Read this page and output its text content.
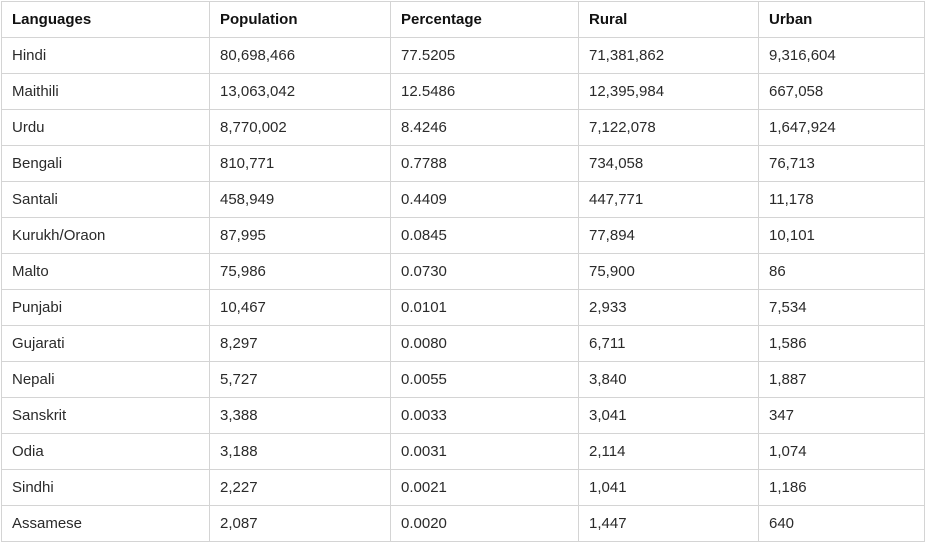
Languages	Population	Percentage	Rural	Urban
Hindi	80,698,466	77.5205	71,381,862	9,316,604
Maithili	13,063,042	12.5486	12,395,984	667,058
Urdu	8,770,002	8.4246	7,122,078	1,647,924
Bengali	810,771	0.7788	734,058	76,713
Santali	458,949	0.4409	447,771	11,178
Kurukh/Oraon	87,995	0.0845	77,894	10,101
Malto	75,986	0.0730	75,900	86
Punjabi	10,467	0.0101	2,933	7,534
Gujarati	8,297	0.0080	6,711	1,586
Nepali	5,727	0.0055	3,840	1,887
Sanskrit	3,388	0.0033	3,041	347
Odia	3,188	0.0031	2,114	1,074
Sindhi	2,227	0.0021	1,041	1,186
Assamese	2,087	0.0020	1,447	640
